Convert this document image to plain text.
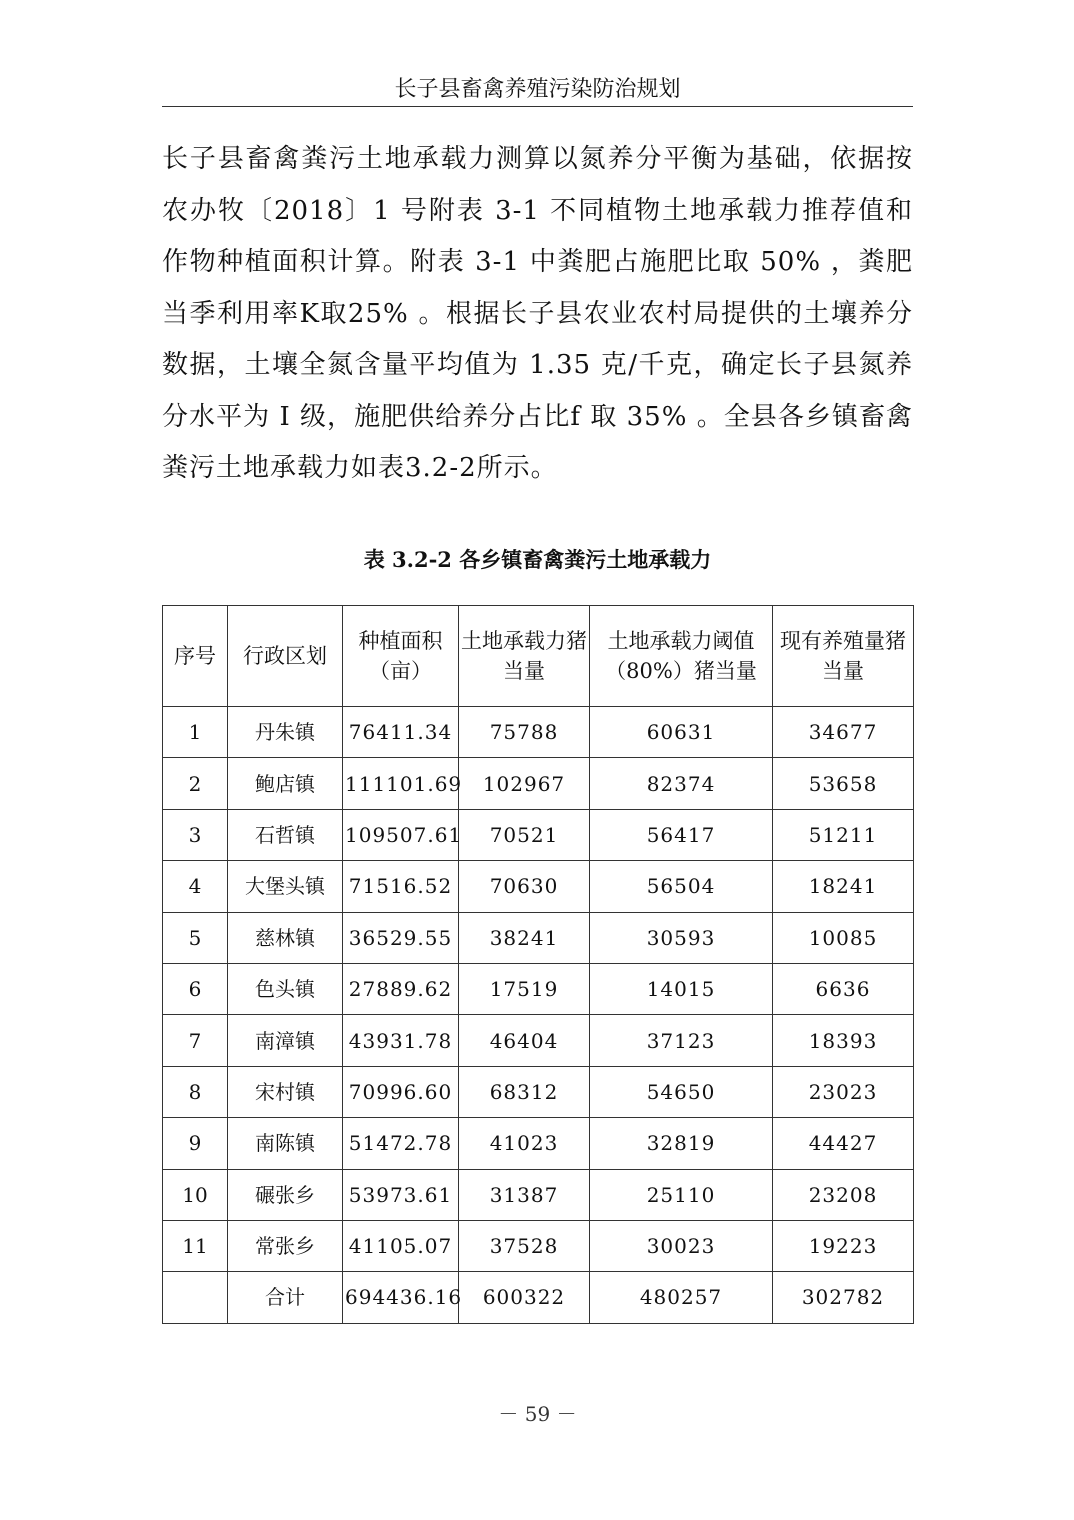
长子县畜禽养殖污染防治规划

长子县畜禽粪污土地承载力测算以氮养分平衡为基础，依据按农办牧〔2018〕1 号附表 3-1 不同植物土地承载力推荐值和作物种植面积计算。附表 3-1 中粪肥占施肥比取 50% ，粪肥当季利用率K取25% 。根据长子县农业农村局提供的土壤养分数据，土壤全氮含量平均值为 1.35 克/千克，确定长子县氮养分水平为 I 级，施肥供给养分占比f 取 35% 。全县各乡镇畜禽粪污土地承载力如表3.2-2所示。

表 3.2-2 各乡镇畜禽粪污土地承载力
序号	行政区划	种植面积（亩）	土地承载力猪当量	土地承载力阈值（80%）猪当量	现有养殖量猪当量
1	丹朱镇	76411.34	75788	60631	34677
2	鲍店镇	111101.69	102967	82374	53658
3	石哲镇	109507.61	70521	56417	51211
4	大堡头镇	71516.52	70630	56504	18241
5	慈林镇	36529.55	38241	30593	10085
6	色头镇	27889.62	17519	14015	6636
7	南漳镇	43931.78	46404	37123	18393
8	宋村镇	70996.60	68312	54650	23023
9	南陈镇	51472.78	41023	32819	44427
10	碾张乡	53973.61	31387	25110	23208
11	常张乡	41105.07	37528	30023	19223
	合计	694436.16	600322	480257	302782
－ 59 －
